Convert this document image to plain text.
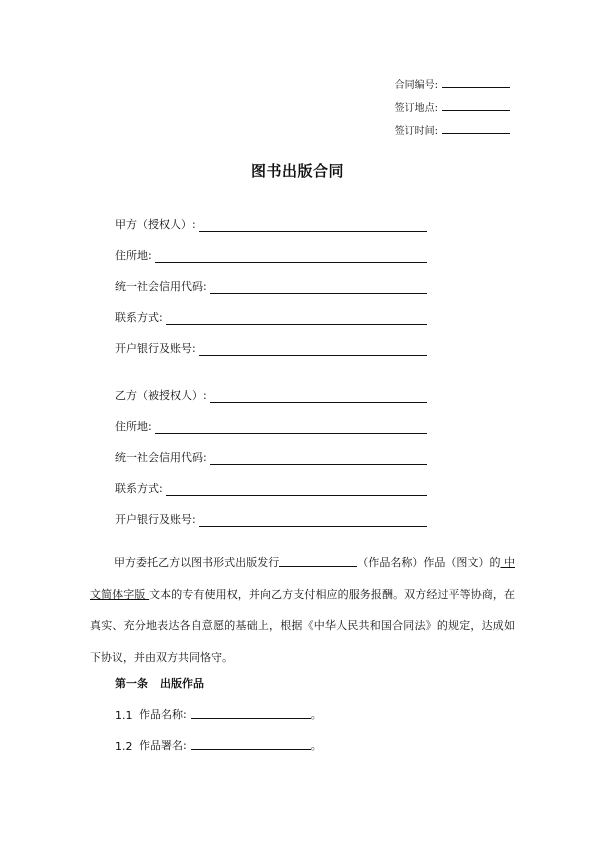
合同编号:
签订地点:
签订时间:
图书出版合同
甲方（授权人）:
住所地:
统一社会信用代码:
联系方式:
开户银行及账号:
乙方（被授权人）:
住所地:
统一社会信用代码:
联系方式:
开户银行及账号:
甲方委托乙方以图书形式出版发行	（作品名称）作品（图文）的 中文简体字版 文本的专有使用权，并向乙方支付相应的服务报酬。双方经过平等协商，在真实、充分地表达各自意愿的基础上，根据《中华人民共和国合同法》的规定，达成如下协议，并由双方共同恪守。
第一条 出版作品
1.1 作品名称:	。
1.2 作品署名:	。
